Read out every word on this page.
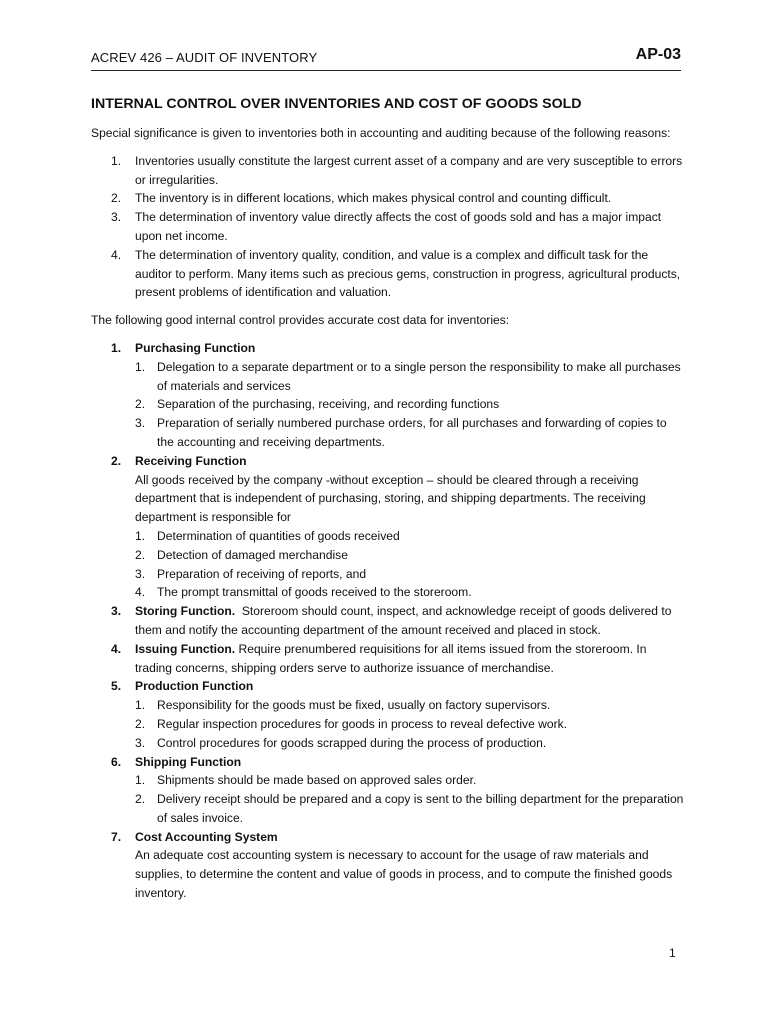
ACREV 426 – AUDIT OF INVENTORY	AP-03
INTERNAL CONTROL OVER INVENTORIES AND COST OF GOODS SOLD

Special significance is given to inventories both in accounting and auditing because of the following reasons:

1. Inventories usually constitute the largest current asset of a company and are very susceptible to errors or irregularities.
2. The inventory is in different locations, which makes physical control and counting difficult.
3. The determination of inventory value directly affects the cost of goods sold and has a major impact upon net income.
4. The determination of inventory quality, condition, and value is a complex and difficult task for the auditor to perform. Many items such as precious gems, construction in progress, agricultural products, present problems of identification and valuation.

The following good internal control provides accurate cost data for inventories:

1. Purchasing Function
1. Delegation to a separate department or to a single person the responsibility to make all purchases of materials and services
2. Separation of the purchasing, receiving, and recording functions
3. Preparation of serially numbered purchase orders, for all purchases and forwarding of copies to the accounting and receiving departments.
2. Receiving Function
All goods received by the company -without exception – should be cleared through a receiving department that is independent of purchasing, storing, and shipping departments. The receiving department is responsible for
1. Determination of quantities of goods received
2. Detection of damaged merchandise
3. Preparation of receiving of reports, and
4. The prompt transmittal of goods received to the storeroom.
3. Storing Function. Storeroom should count, inspect, and acknowledge receipt of goods delivered to them and notify the accounting department of the amount received and placed in stock.
4. Issuing Function. Require prenumbered requisitions for all items issued from the storeroom. In trading concerns, shipping orders serve to authorize issuance of merchandise.
5. Production Function
1. Responsibility for the goods must be fixed, usually on factory supervisors.
2. Regular inspection procedures for goods in process to reveal defective work.
3. Control procedures for goods scrapped during the process of production.
6. Shipping Function
1. Shipments should be made based on approved sales order.
2. Delivery receipt should be prepared and a copy is sent to the billing department for the preparation of sales invoice.
7. Cost Accounting System
An adequate cost accounting system is necessary to account for the usage of raw materials and supplies, to determine the content and value of goods in process, and to compute the finished goods inventory.
1
